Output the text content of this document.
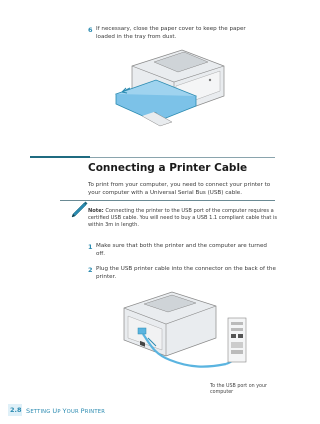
6 If necessary, close the paper cover to keep the paper loaded in the tray from dust.
Connecting a Printer Cable
To print from your computer, you need to connect your printer to your computer with a Universal Serial Bus (USB) cable.
Note: Connecting the printer to the USB port of the computer requires a certified USB cable. You will need to buy a USB 1.1 compliant cable that is within 3m in length.
1 Make sure that both the printer and the computer are turned off.
2 Plug the USB printer cable into the connector on the back of the printer.
To the USB port on your computer
2.8 SETTING UP YOUR PRINTER
